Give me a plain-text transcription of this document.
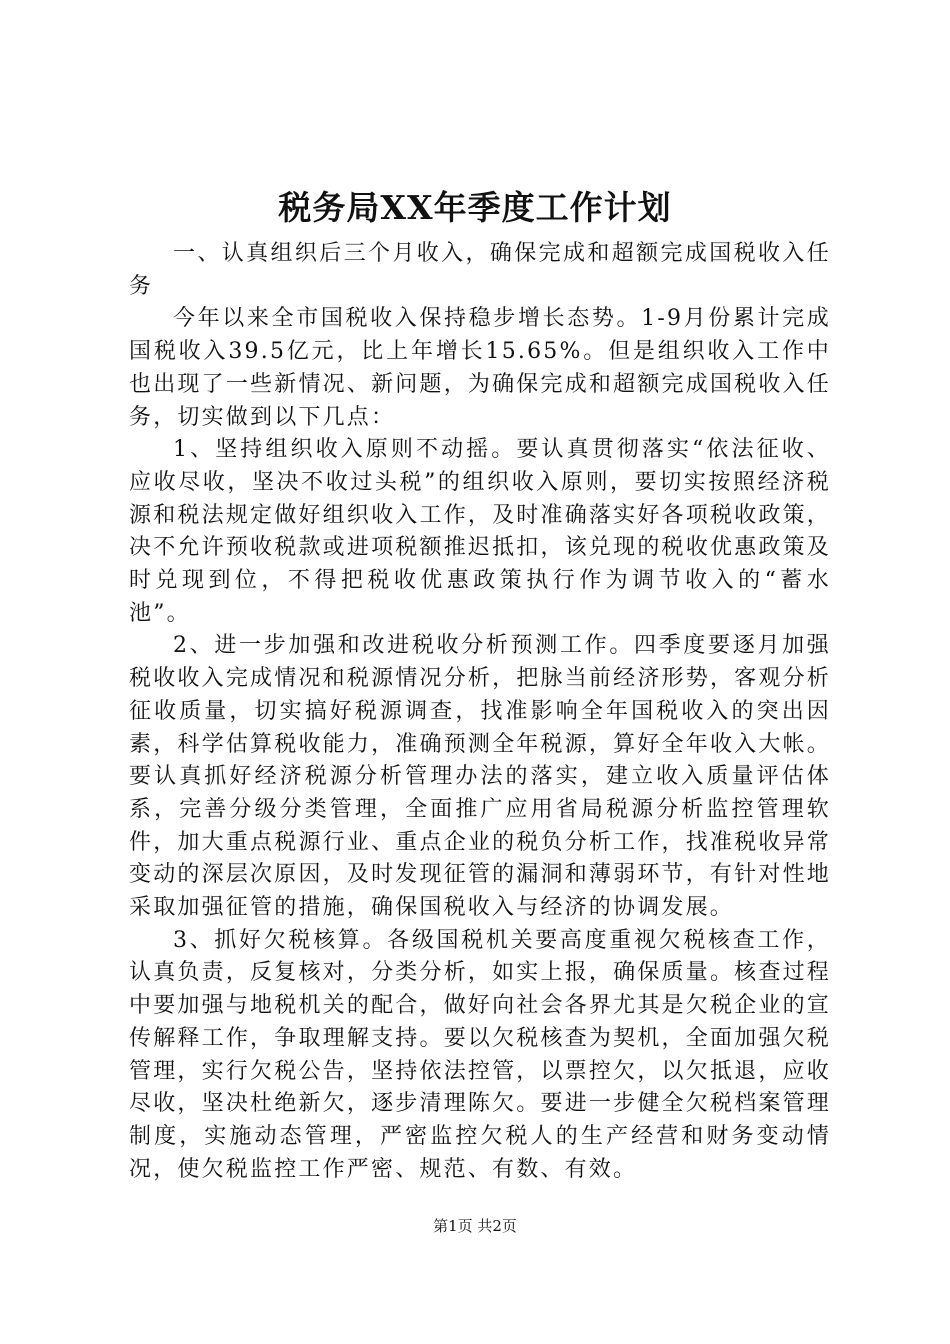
税务局XX年季度工作计划

一、认真组织后三个月收入，确保完成和超额完成国税收入任务

今年以来全市国税收入保持稳步增长态势。1-9月份累计完成国税收入39.5亿元，比上年增长15.65%。但是组织收入工作中也出现了一些新情况、新问题，为确保完成和超额完成国税收入任务，切实做到以下几点：

1、坚持组织收入原则不动摇。要认真贯彻落实“依法征收、应收尽收，坚决不收过头税”的组织收入原则，要切实按照经济税源和税法规定做好组织收入工作，及时准确落实好各项税收政策，决不允许预收税款或进项税额推迟抵扣，该兑现的税收优惠政策及时兑现到位，不得把税收优惠政策执行作为调节收入的“蓄水池”。

2、进一步加强和改进税收分析预测工作。四季度要逐月加强税收收入完成情况和税源情况分析，把脉当前经济形势，客观分析征收质量，切实搞好税源调查，找准影响全年国税收入的突出因素，科学估算税收能力，准确预测全年税源，算好全年收入大帐。要认真抓好经济税源分析管理办法的落实，建立收入质量评估体系，完善分级分类管理，全面推广应用省局税源分析监控管理软件，加大重点税源行业、重点企业的税负分析工作，找准税收异常变动的深层次原因，及时发现征管的漏洞和薄弱环节，有针对性地采取加强征管的措施，确保国税收入与经济的协调发展。

3、抓好欠税核算。各级国税机关要高度重视欠税核查工作，认真负责，反复核对，分类分析，如实上报，确保质量。核查过程中要加强与地税机关的配合，做好向社会各界尤其是欠税企业的宣传解释工作，争取理解支持。要以欠税核查为契机，全面加强欠税管理，实行欠税公告，坚持依法控管，以票控欠，以欠抵退，应收尽收，坚决杜绝新欠，逐步清理陈欠。要进一步健全欠税档案管理制度，实施动态管理，严密监控欠税人的生产经营和财务变动情况，使欠税监控工作严密、规范、有数、有效。

第1页 共2页
